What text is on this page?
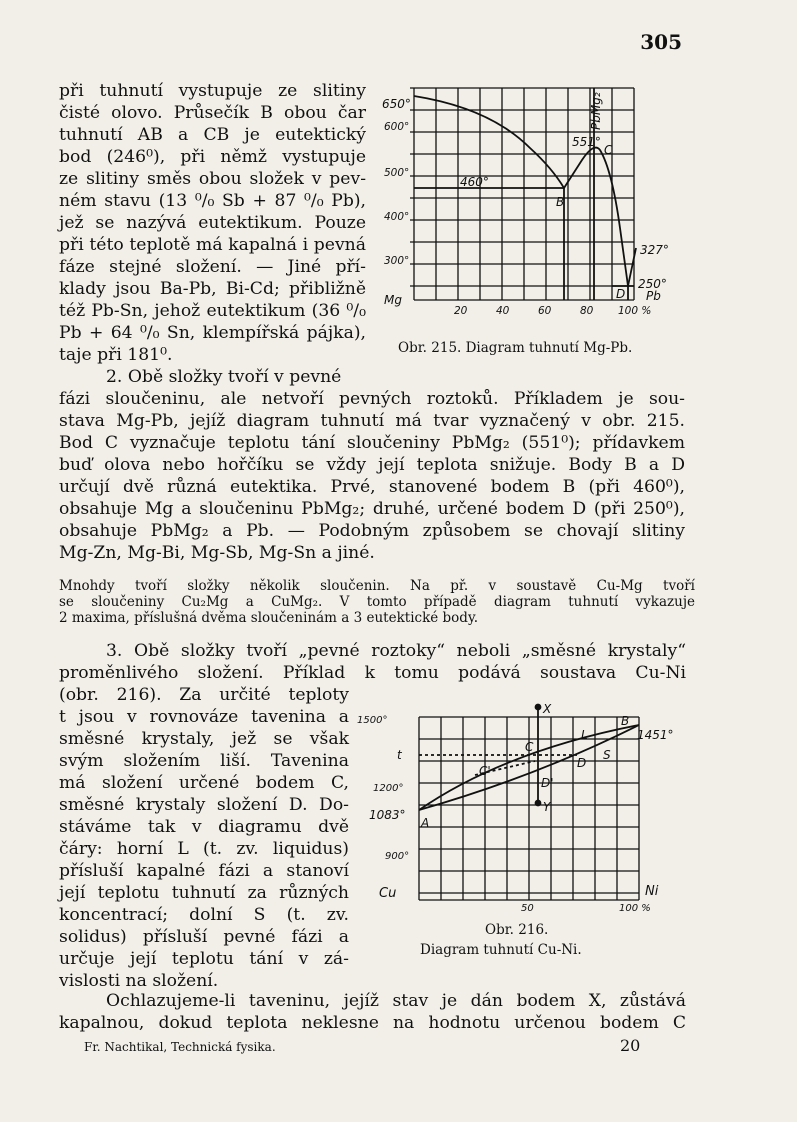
305
při tuhnutí vystupuje ze slitiny
čisté olovo. Průsečík B obou čar
tuhnutí AB a CB je eutektický
bod (246⁰), při němž vystupuje
ze slitiny směs obou složek v pev-
ném stavu (13 ⁰/₀ Sb + 87 ⁰/₀ Pb),
jež se nazývá eutektikum. Pouze
při této teplotě má kapalná i pevná
fáze stejné složení. — Jiné pří-
klady jsou Ba-Pb, Bi-Cd; přibližně
též Pb-Sn, jehož eutektikum (36 ⁰/₀
Pb + 64 ⁰/₀ Sn, klempířská pájka),
taje při 181⁰.
650°
600°
500°
400°
300°
Mg
20	40	60	80 100 %
460°
551°
327°
250°
Pb
PbMg₂
B
C
D
Obr. 215. Diagram tuhnutí Mg-Pb.
2. Obě složky tvoří v pevné
fázi sloučeninu, ale netvoří pevných roztoků. Příkladem je sou-
stava Mg-Pb, jejíž diagram tuhnutí má tvar vyznačený v obr. 215.
Bod C vyznačuje teplotu tání sloučeniny PbMg₂ (551⁰); přídavkem
buď olova nebo hořčíku se vždy její teplota snižuje. Body B a D
určují dvě různá eutektika. Prvé, stanovené bodem B (při 460⁰),
obsahuje Mg a sloučeninu PbMg₂; druhé, určené bodem D (při 250⁰),
obsahuje PbMg₂ a Pb. — Podobným způsobem se chovají slitiny
Mg-Zn, Mg-Bi, Mg-Sb, Mg-Sn a jiné.
Mnohdy tvoří složky několik sloučenin. Na př. v soustavě Cu-Mg tvoří
se sloučeniny Cu₂Mg a CuMg₂. V tomto případě diagram tuhnutí vykazuje
2 maxima, příslušná dvěma sloučeninám a 3 eutektické body.
3. Obě složky tvoří „pevné roztoky“ neboli „směsné krystaly“
proměnlivého složení. Příklad k tomu podává soustava Cu-Ni
(obr. 216). Za určité teploty
t jsou v rovnováze tavenina a
směsné krystaly, jež se však
svým složením liší. Tavenina
má složení určené bodem C,
směsné krystaly složení D. Do-
stáváme tak v diagramu dvě
čáry: horní L (t. zv. liquidus)
přísluší kapalné fázi a stanoví
její teplotu tuhnutí za různých
koncentrací; dolní S (t. zv.
solidus) přísluší pevné fázi a
určuje její teplotu tání v zá-
vislosti na složení.
1500°
t
1200°
1083°
900°
Cu
50	100 %
Ni
1451°
X
Y
A
B
C
C'
D
D'
L
S
Obr. 216.
Diagram tuhnutí Cu-Ni.
Ochlazujeme-li taveninu, jejíž stav je dán bodem X, zůstává
kapalnou, dokud teplota neklesne na hodnotu určenou bodem C
Fr. Nachtikal, Technická fysika.	20
